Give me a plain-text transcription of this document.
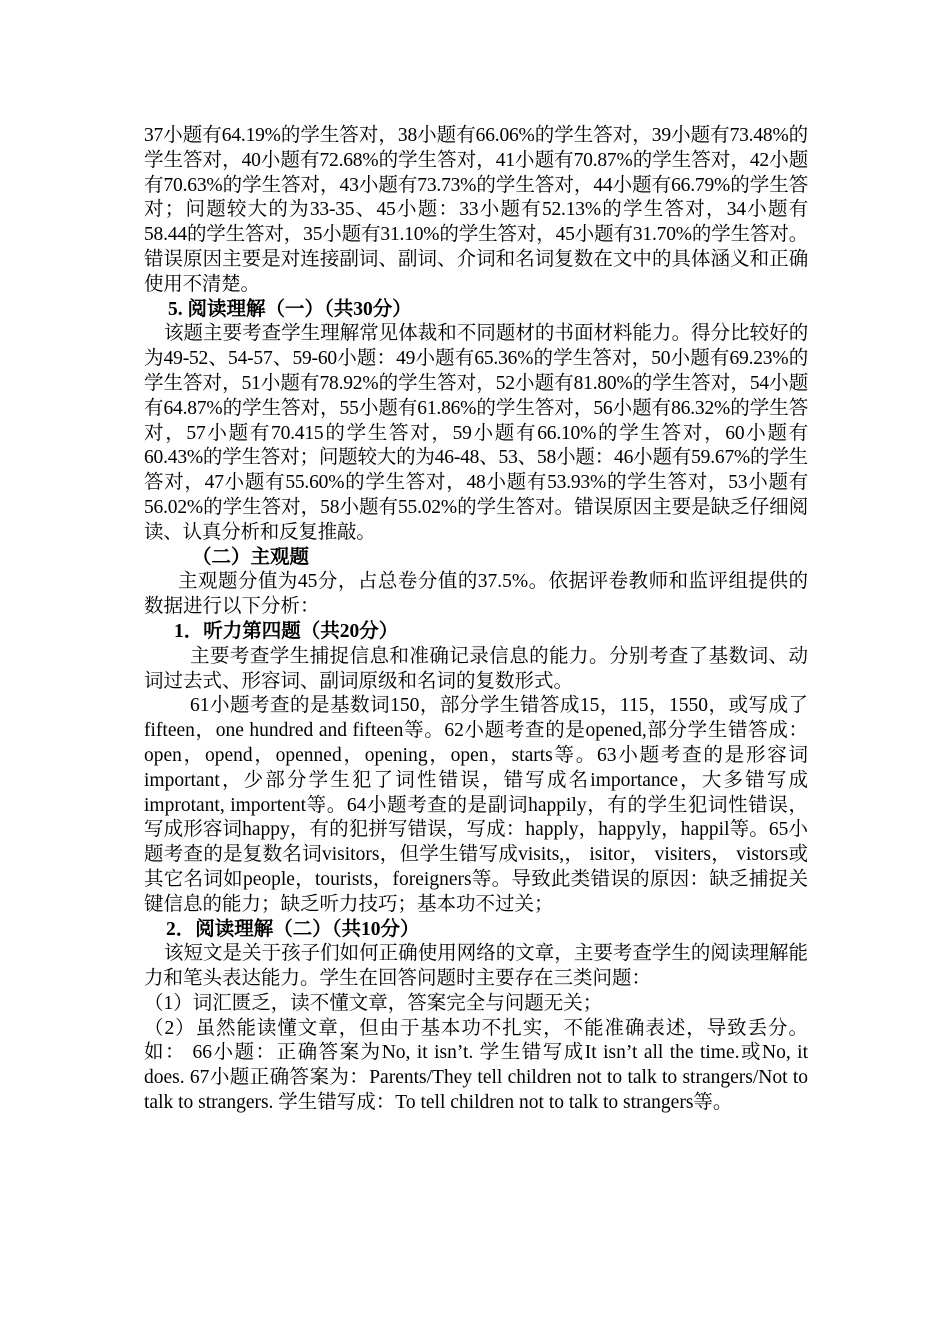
37小题有64.19%的学生答对，38小题有66.06%的学生答对，39小题有73.48%的学生答对，40小题有72.68%的学生答对，41小题有70.87%的学生答对，42小题有70.63%的学生答对，43小题有73.73%的学生答对，44小题有66.79%的学生答对；问题较大的为33-35、45小题：33小题有52.13%的学生答对，34小题有58.44的学生答对，35小题有31.10%的学生答对，45小题有31.70%的学生答对。错误原因主要是对连接副词、副词、介词和名词复数在文中的具体涵义和正确使用不清楚。

5. 阅读理解（一）（共30分）

该题主要考查学生理解常见体裁和不同题材的书面材料能力。得分比较好的为49-52、54-57、59-60小题：49小题有65.36%的学生答对，50小题有69.23%的学生答对，51小题有78.92%的学生答对，52小题有81.80%的学生答对，54小题有64.87%的学生答对，55小题有61.86%的学生答对，56小题有86.32%的学生答对，57小题有70.415的学生答对，59小题有66.10%的学生答对，60小题有60.43%的学生答对；问题较大的为46-48、53、58小题：46小题有59.67%的学生答对，47小题有55.60%的学生答对，48小题有53.93%的学生答对，53小题有56.02%的学生答对，58小题有55.02%的学生答对。错误原因主要是缺乏仔细阅读、认真分析和反复推敲。

（二）主观题

主观题分值为45分，占总卷分值的37.5%。依据评卷教师和监评组提供的数据进行以下分析：

1．听力第四题（共20分）

主要考查学生捕捉信息和准确记录信息的能力。分别考查了基数词、动词过去式、形容词、副词原级和名词的复数形式。

61小题考查的是基数词150，部分学生错答成15，115，1550，或写成了fifteen，one hundred and fifteen等。62小题考查的是opened,部分学生错答成：open，opend，openned，opening，open，starts等。63小题考查的是形容词important，少部分学生犯了词性错误，错写成名importance，大多错写成improtant, importent等。64小题考查的是副词happily，有的学生犯词性错误，写成形容词happy，有的犯拼写错误，写成：happly，happyly，happil等。65小题考查的是复数名词visitors，但学生错写成visits,， isitor， visiters， vistors或其它名词如people，tourists，foreigners等。导致此类错误的原因：缺乏捕捉关键信息的能力；缺乏听力技巧；基本功不过关；

2．阅读理解（二）（共10分）

该短文是关于孩子们如何正确使用网络的文章，主要考查学生的阅读理解能力和笔头表达能力。学生在回答问题时主要存在三类问题：

（1）词汇匮乏，读不懂文章，答案完全与问题无关；

（2）虽然能读懂文章，但由于基本功不扎实，不能准确表述，导致丢分。如： 66小题：正确答案为No, it isn’t. 学生错写成It isn’t all the time.或No, it does. 67小题正确答案为：Parents/They tell children not to talk to strangers/Not to talk to strangers. 学生错写成：To tell children not to talk to strangers等。
